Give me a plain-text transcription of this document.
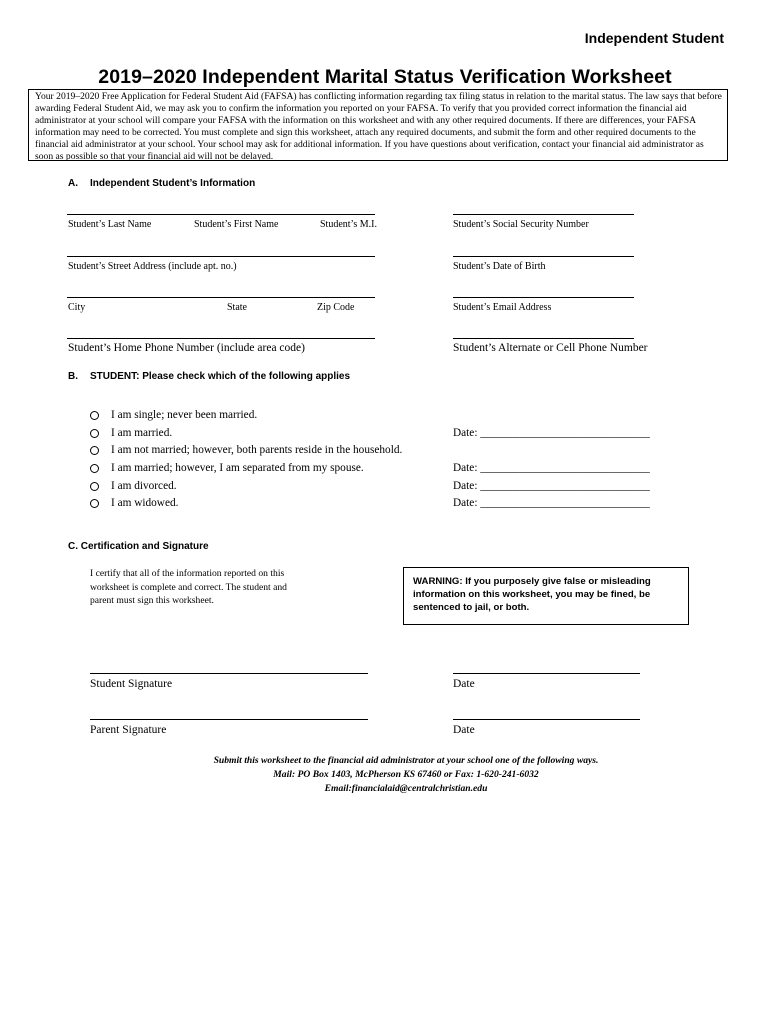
Independent Student
2019–2020 Independent Marital Status Verification Worksheet
Your 2019–2020 Free Application for Federal Student Aid (FAFSA) has conflicting information regarding tax filing status in relation to the marital status. The law says that before awarding Federal Student Aid, we may ask you to confirm the information you reported on your FAFSA. To verify that you provided correct information the financial aid administrator at your school will compare your FAFSA with the information on this worksheet and with any other required documents. If there are differences, your FAFSA information may need to be corrected. You must complete and sign this worksheet, attach any required documents, and submit the form and other required documents to the financial aid administrator at your school. Your school may ask for additional information. If you have questions about verification, contact your financial aid administrator as soon as possible so that your financial aid will not be delayed.
A. Independent Student’s Information
Student’s Last Name	Student’s First Name	Student’s M.I.	Student’s Social Security Number
Student’s Street Address (include apt. no.)	Student’s Date of Birth
City	State	Zip Code	Student’s Email Address
Student’s Home Phone Number (include area code)	Student’s Alternate or Cell Phone Number
B. STUDENT: Please check which of the following applies
I am single; never been married.
I am married.	Date: ______________________________
I am not married; however, both parents reside in the household.
I am married; however, I am separated from my spouse.	Date: ______________________________
I am divorced.	Date: ______________________________
I am widowed.	Date: ______________________________
C. Certification and Signature
I certify that all of the information reported on this worksheet is complete and correct. The student and parent must sign this worksheet.
WARNING: If you purposely give false or misleading information on this worksheet, you may be fined, be sentenced to jail, or both.
Student Signature	Date
Parent Signature	Date
Submit this worksheet to the financial aid administrator at your school one of the following ways.
Mail: PO Box 1403, McPherson KS 67460 or Fax: 1-620-241-6032
Email:financialaid@centralchristian.edu
